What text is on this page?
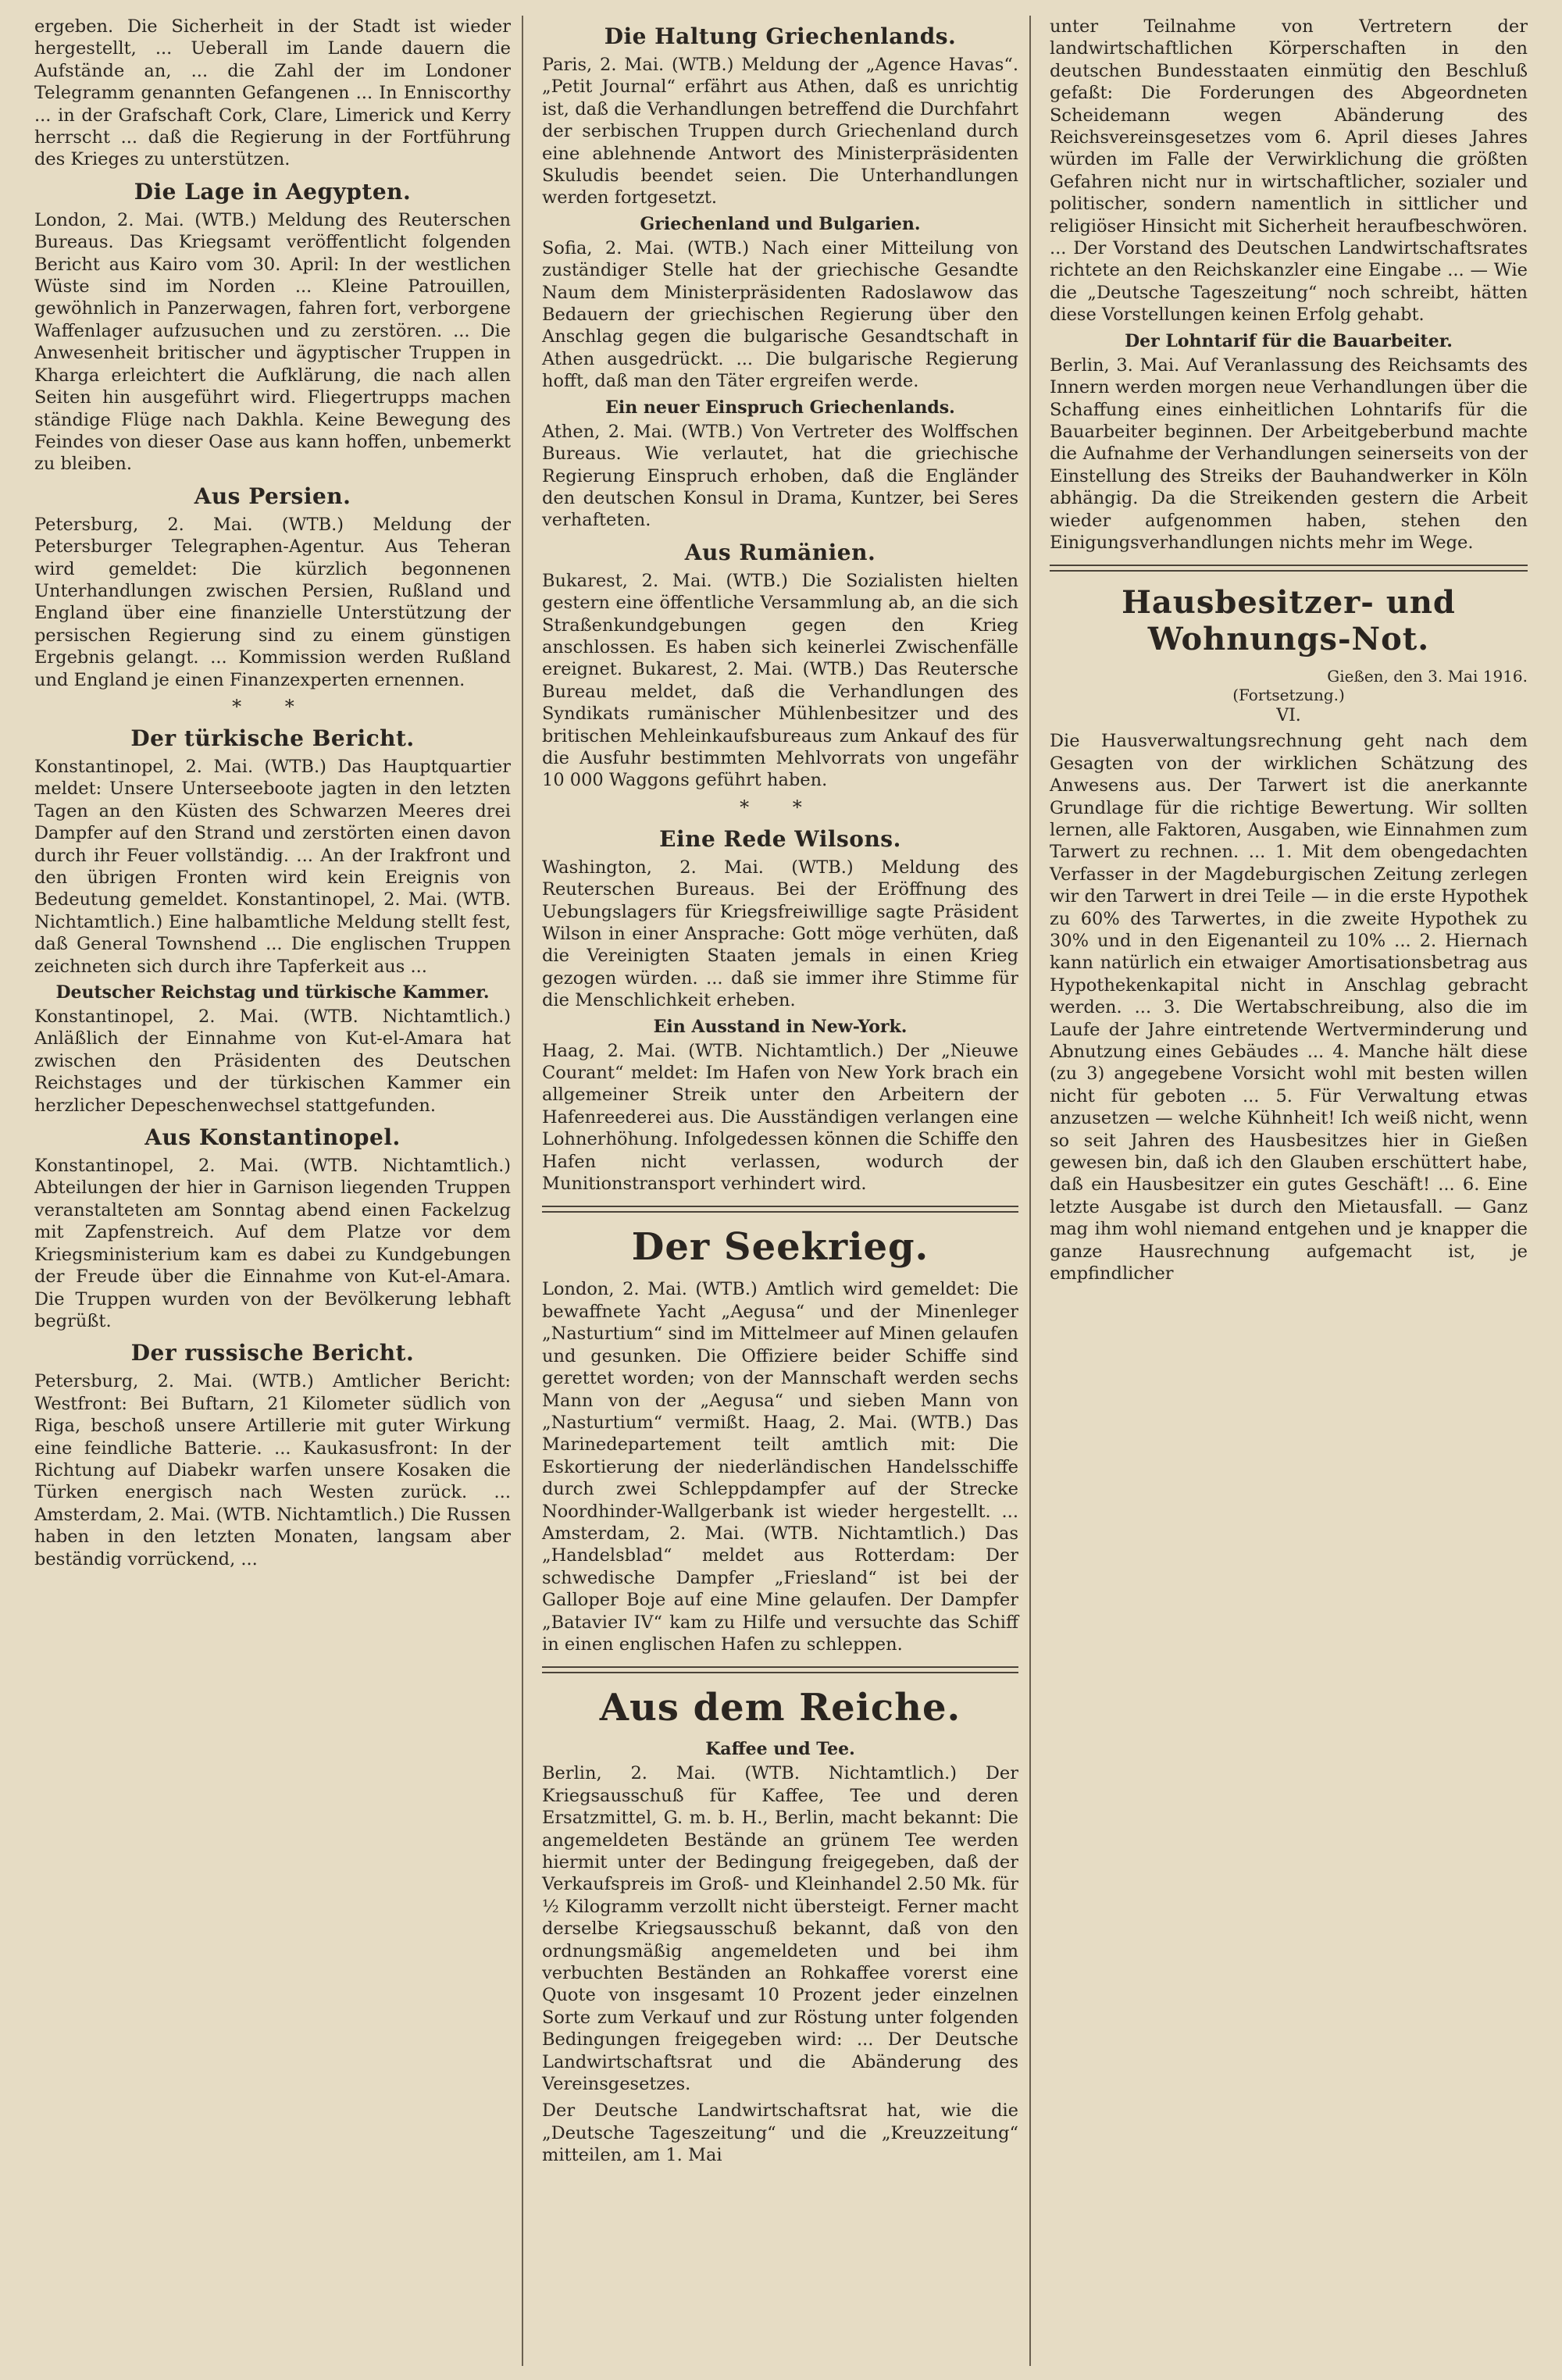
ergeben. Die Sicherheit in der Stadt ist wieder hergestellt, ... Ueberall im Lande dauern die Aufstände an, ... die Zahl der im Londoner Telegramm genannten Gefangenen ... In Enniscorthy ... in der Grafschaft Cork, Clare, Limerick und Kerry herrscht ... daß die Regierung in der Fortführung des Krieges zu unterstützen.

Die Lage in Aegypten.

London, 2. Mai. (WTB.) Meldung des Reuterschen Bureaus. Das Kriegsamt veröffentlicht folgenden Bericht aus Kairo vom 30. April: In der westlichen Wüste sind im Norden ... Kleine Patrouillen, gewöhnlich in Panzerwagen, fahren fort, verborgene Waffenlager aufzusuchen und zu zerstören. ... Die Anwesenheit britischer und ägyptischer Truppen in Kharga erleichtert die Aufklärung, die nach allen Seiten hin ausgeführt wird. Fliegertrupps machen ständige Flüge nach Dakhla. Keine Bewegung des Feindes von dieser Oase aus kann hoffen, unbemerkt zu bleiben.

Aus Persien.

Petersburg, 2. Mai. (WTB.) Meldung der Petersburger Telegraphen-Agentur. Aus Teheran wird gemeldet: Die kürzlich begonnenen Unterhandlungen zwischen Persien, Rußland und England über eine finanzielle Unterstützung der persischen Regierung sind zu einem günstigen Ergebnis gelangt. ... Kommission werden Rußland und England je einen Finanzexperten ernennen.

* *
Der türkische Bericht.

Konstantinopel, 2. Mai. (WTB.) Das Hauptquartier meldet: Unsere Unterseeboote jagten in den letzten Tagen an den Küsten des Schwarzen Meeres drei Dampfer auf den Strand und zerstörten einen davon durch ihr Feuer vollständig. ... An der Irakfront und den übrigen Fronten wird kein Ereignis von Bedeutung gemeldet. Konstantinopel, 2. Mai. (WTB. Nichtamtlich.) Eine halbamtliche Meldung stellt fest, daß General Townshend ... Die englischen Truppen zeichneten sich durch ihre Tapferkeit aus ...

Deutscher Reichstag und türkische Kammer.

Konstantinopel, 2. Mai. (WTB. Nichtamtlich.) Anläßlich der Einnahme von Kut-el-Amara hat zwischen den Präsidenten des Deutschen Reichstages und der türkischen Kammer ein herzlicher Depeschenwechsel stattgefunden.

Aus Konstantinopel.

Konstantinopel, 2. Mai. (WTB. Nichtamtlich.) Abteilungen der hier in Garnison liegenden Truppen veranstalteten am Sonntag abend einen Fackelzug mit Zapfenstreich. Auf dem Platze vor dem Kriegsministerium kam es dabei zu Kundgebungen der Freude über die Einnahme von Kut-el-Amara. Die Truppen wurden von der Bevölkerung lebhaft begrüßt.

Der russische Bericht.

Petersburg, 2. Mai. (WTB.) Amtlicher Bericht: Westfront: Bei Buftarn, 21 Kilometer südlich von Riga, beschoß unsere Artillerie mit guter Wirkung eine feindliche Batterie. ... Kaukasusfront: In der Richtung auf Diabekr warfen unsere Kosaken die Türken energisch nach Westen zurück. ... Amsterdam, 2. Mai. (WTB. Nichtamtlich.) Die Russen haben in den letzten Monaten, langsam aber beständig vorrückend, ...

Die Haltung Griechenlands.

Paris, 2. Mai. (WTB.) Meldung der „Agence Havas“. „Petit Journal“ erfährt aus Athen, daß es unrichtig ist, daß die Verhandlungen betreffend die Durchfahrt der serbischen Truppen durch Griechenland durch eine ablehnende Antwort des Ministerpräsidenten Skuludis beendet seien. Die Unterhandlungen werden fortgesetzt.

Griechenland und Bulgarien.

Sofia, 2. Mai. (WTB.) Nach einer Mitteilung von zuständiger Stelle hat der griechische Gesandte Naum dem Ministerpräsidenten Radoslawow das Bedauern der griechischen Regierung über den Anschlag gegen die bulgarische Gesandtschaft in Athen ausgedrückt. ... Die bulgarische Regierung hofft, daß man den Täter ergreifen werde.

Ein neuer Einspruch Griechenlands.

Athen, 2. Mai. (WTB.) Von Vertreter des Wolffschen Bureaus. Wie verlautet, hat die griechische Regierung Einspruch erhoben, daß die Engländer den deutschen Konsul in Drama, Kuntzer, bei Seres verhafteten.

Aus Rumänien.

Bukarest, 2. Mai. (WTB.) Die Sozialisten hielten gestern eine öffentliche Versammlung ab, an die sich Straßenkundgebungen gegen den Krieg anschlossen. Es haben sich keinerlei Zwischenfälle ereignet. Bukarest, 2. Mai. (WTB.) Das Reutersche Bureau meldet, daß die Verhandlungen des Syndikats rumänischer Mühlenbesitzer und des britischen Mehleinkaufsbureaus zum Ankauf des für die Ausfuhr bestimmten Mehlvorrats von ungefähr 10 000 Waggons geführt haben.

* *
Eine Rede Wilsons.

Washington, 2. Mai. (WTB.) Meldung des Reuterschen Bureaus. Bei der Eröffnung des Uebungslagers für Kriegsfreiwillige sagte Präsident Wilson in einer Ansprache: Gott möge verhüten, daß die Vereinigten Staaten jemals in einen Krieg gezogen würden. ... daß sie immer ihre Stimme für die Menschlichkeit erheben.

Ein Ausstand in New-York.

Haag, 2. Mai. (WTB. Nichtamtlich.) Der „Nieuwe Courant“ meldet: Im Hafen von New York brach ein allgemeiner Streik unter den Arbeitern der Hafenreederei aus. Die Ausständigen verlangen eine Lohnerhöhung. Infolgedessen können die Schiffe den Hafen nicht verlassen, wodurch der Munitionstransport verhindert wird.

Der Seekrieg.

London, 2. Mai. (WTB.) Amtlich wird gemeldet: Die bewaffnete Yacht „Aegusa“ und der Minenleger „Nasturtium“ sind im Mittelmeer auf Minen gelaufen und gesunken. Die Offiziere beider Schiffe sind gerettet worden; von der Mannschaft werden sechs Mann von der „Aegusa“ und sieben Mann von „Nasturtium“ vermißt. Haag, 2. Mai. (WTB.) Das Marinedepartement teilt amtlich mit: Die Eskortierung der niederländischen Handelsschiffe durch zwei Schleppdampfer auf der Strecke Noordhinder-Wallgerbank ist wieder hergestellt. ... Amsterdam, 2. Mai. (WTB. Nichtamtlich.) Das „Handelsblad“ meldet aus Rotterdam: Der schwedische Dampfer „Friesland“ ist bei der Galloper Boje auf eine Mine gelaufen. Der Dampfer „Batavier IV“ kam zu Hilfe und versuchte das Schiff in einen englischen Hafen zu schleppen.

Aus dem Reiche.
Kaffee und Tee.

Berlin, 2. Mai. (WTB. Nichtamtlich.) Der Kriegsausschuß für Kaffee, Tee und deren Ersatzmittel, G. m. b. H., Berlin, macht bekannt: Die angemeldeten Bestände an grünem Tee werden hiermit unter der Bedingung freigegeben, daß der Verkaufspreis im Groß- und Kleinhandel 2.50 Mk. für ½ Kilogramm verzollt nicht übersteigt. Ferner macht derselbe Kriegsausschuß bekannt, daß von den ordnungsmäßig angemeldeten und bei ihm verbuchten Beständen an Rohkaffee vorerst eine Quote von insgesamt 10 Prozent jeder einzelnen Sorte zum Verkauf und zur Röstung unter folgenden Bedingungen freigegeben wird: ... Der Deutsche Landwirtschaftsrat und die Abänderung des Vereinsgesetzes.

Der Deutsche Landwirtschaftsrat hat, wie die „Deutsche Tageszeitung“ und die „Kreuzzeitung“ mitteilen, am 1. Mai

unter Teilnahme von Vertretern der landwirtschaftlichen Körperschaften in den deutschen Bundesstaaten einmütig den Beschluß gefaßt: Die Forderungen des Abgeordneten Scheidemann wegen Abänderung des Reichsvereinsgesetzes vom 6. April dieses Jahres würden im Falle der Verwirklichung die größten Gefahren nicht nur in wirtschaftlicher, sozialer und politischer, sondern namentlich in sittlicher und religiöser Hinsicht mit Sicherheit heraufbeschwören. ... Der Vorstand des Deutschen Landwirtschaftsrates richtete an den Reichskanzler eine Eingabe ... — Wie die „Deutsche Tageszeitung“ noch schreibt, hätten diese Vorstellungen keinen Erfolg gehabt.

Der Lohntarif für die Bauarbeiter.

Berlin, 3. Mai. Auf Veranlassung des Reichsamts des Innern werden morgen neue Verhandlungen über die Schaffung eines einheitlichen Lohntarifs für die Bauarbeiter beginnen. Der Arbeitgeberbund machte die Aufnahme der Verhandlungen seinerseits von der Einstellung des Streiks der Bauhandwerker in Köln abhängig. Da die Streikenden gestern die Arbeit wieder aufgenommen haben, stehen den Einigungsverhandlungen nichts mehr im Wege.

Hausbesitzer- und Wohnungs-Not.
Gießen, den 3. Mai 1916.
(Fortsetzung.)
VI.

Die Hausverwaltungsrechnung geht nach dem Gesagten von der wirklichen Schätzung des Anwesens aus. Der Tarwert ist die anerkannte Grundlage für die richtige Bewertung. Wir sollten lernen, alle Faktoren, Ausgaben, wie Einnahmen zum Tarwert zu rechnen. ... 1. Mit dem obengedachten Verfasser in der Magdeburgischen Zeitung zerlegen wir den Tarwert in drei Teile — in die erste Hypothek zu 60% des Tarwertes, in die zweite Hypothek zu 30% und in den Eigenanteil zu 10% ... 2. Hiernach kann natürlich ein etwaiger Amortisationsbetrag aus Hypothekenkapital nicht in Anschlag gebracht werden. ... 3. Die Wertabschreibung, also die im Laufe der Jahre eintretende Wertverminderung und Abnutzung eines Gebäudes ... 4. Manche hält diese (zu 3) angegebene Vorsicht wohl mit besten willen nicht für geboten ... 5. Für Verwaltung etwas anzusetzen — welche Kühnheit! Ich weiß nicht, wenn so seit Jahren des Hausbesitzes hier in Gießen gewesen bin, daß ich den Glauben erschüttert habe, daß ein Hausbesitzer ein gutes Geschäft! ... 6. Eine letzte Ausgabe ist durch den Mietausfall. — Ganz mag ihm wohl niemand entgehen und je knapper die ganze Hausrechnung aufgemacht ist, je empfindlicher
